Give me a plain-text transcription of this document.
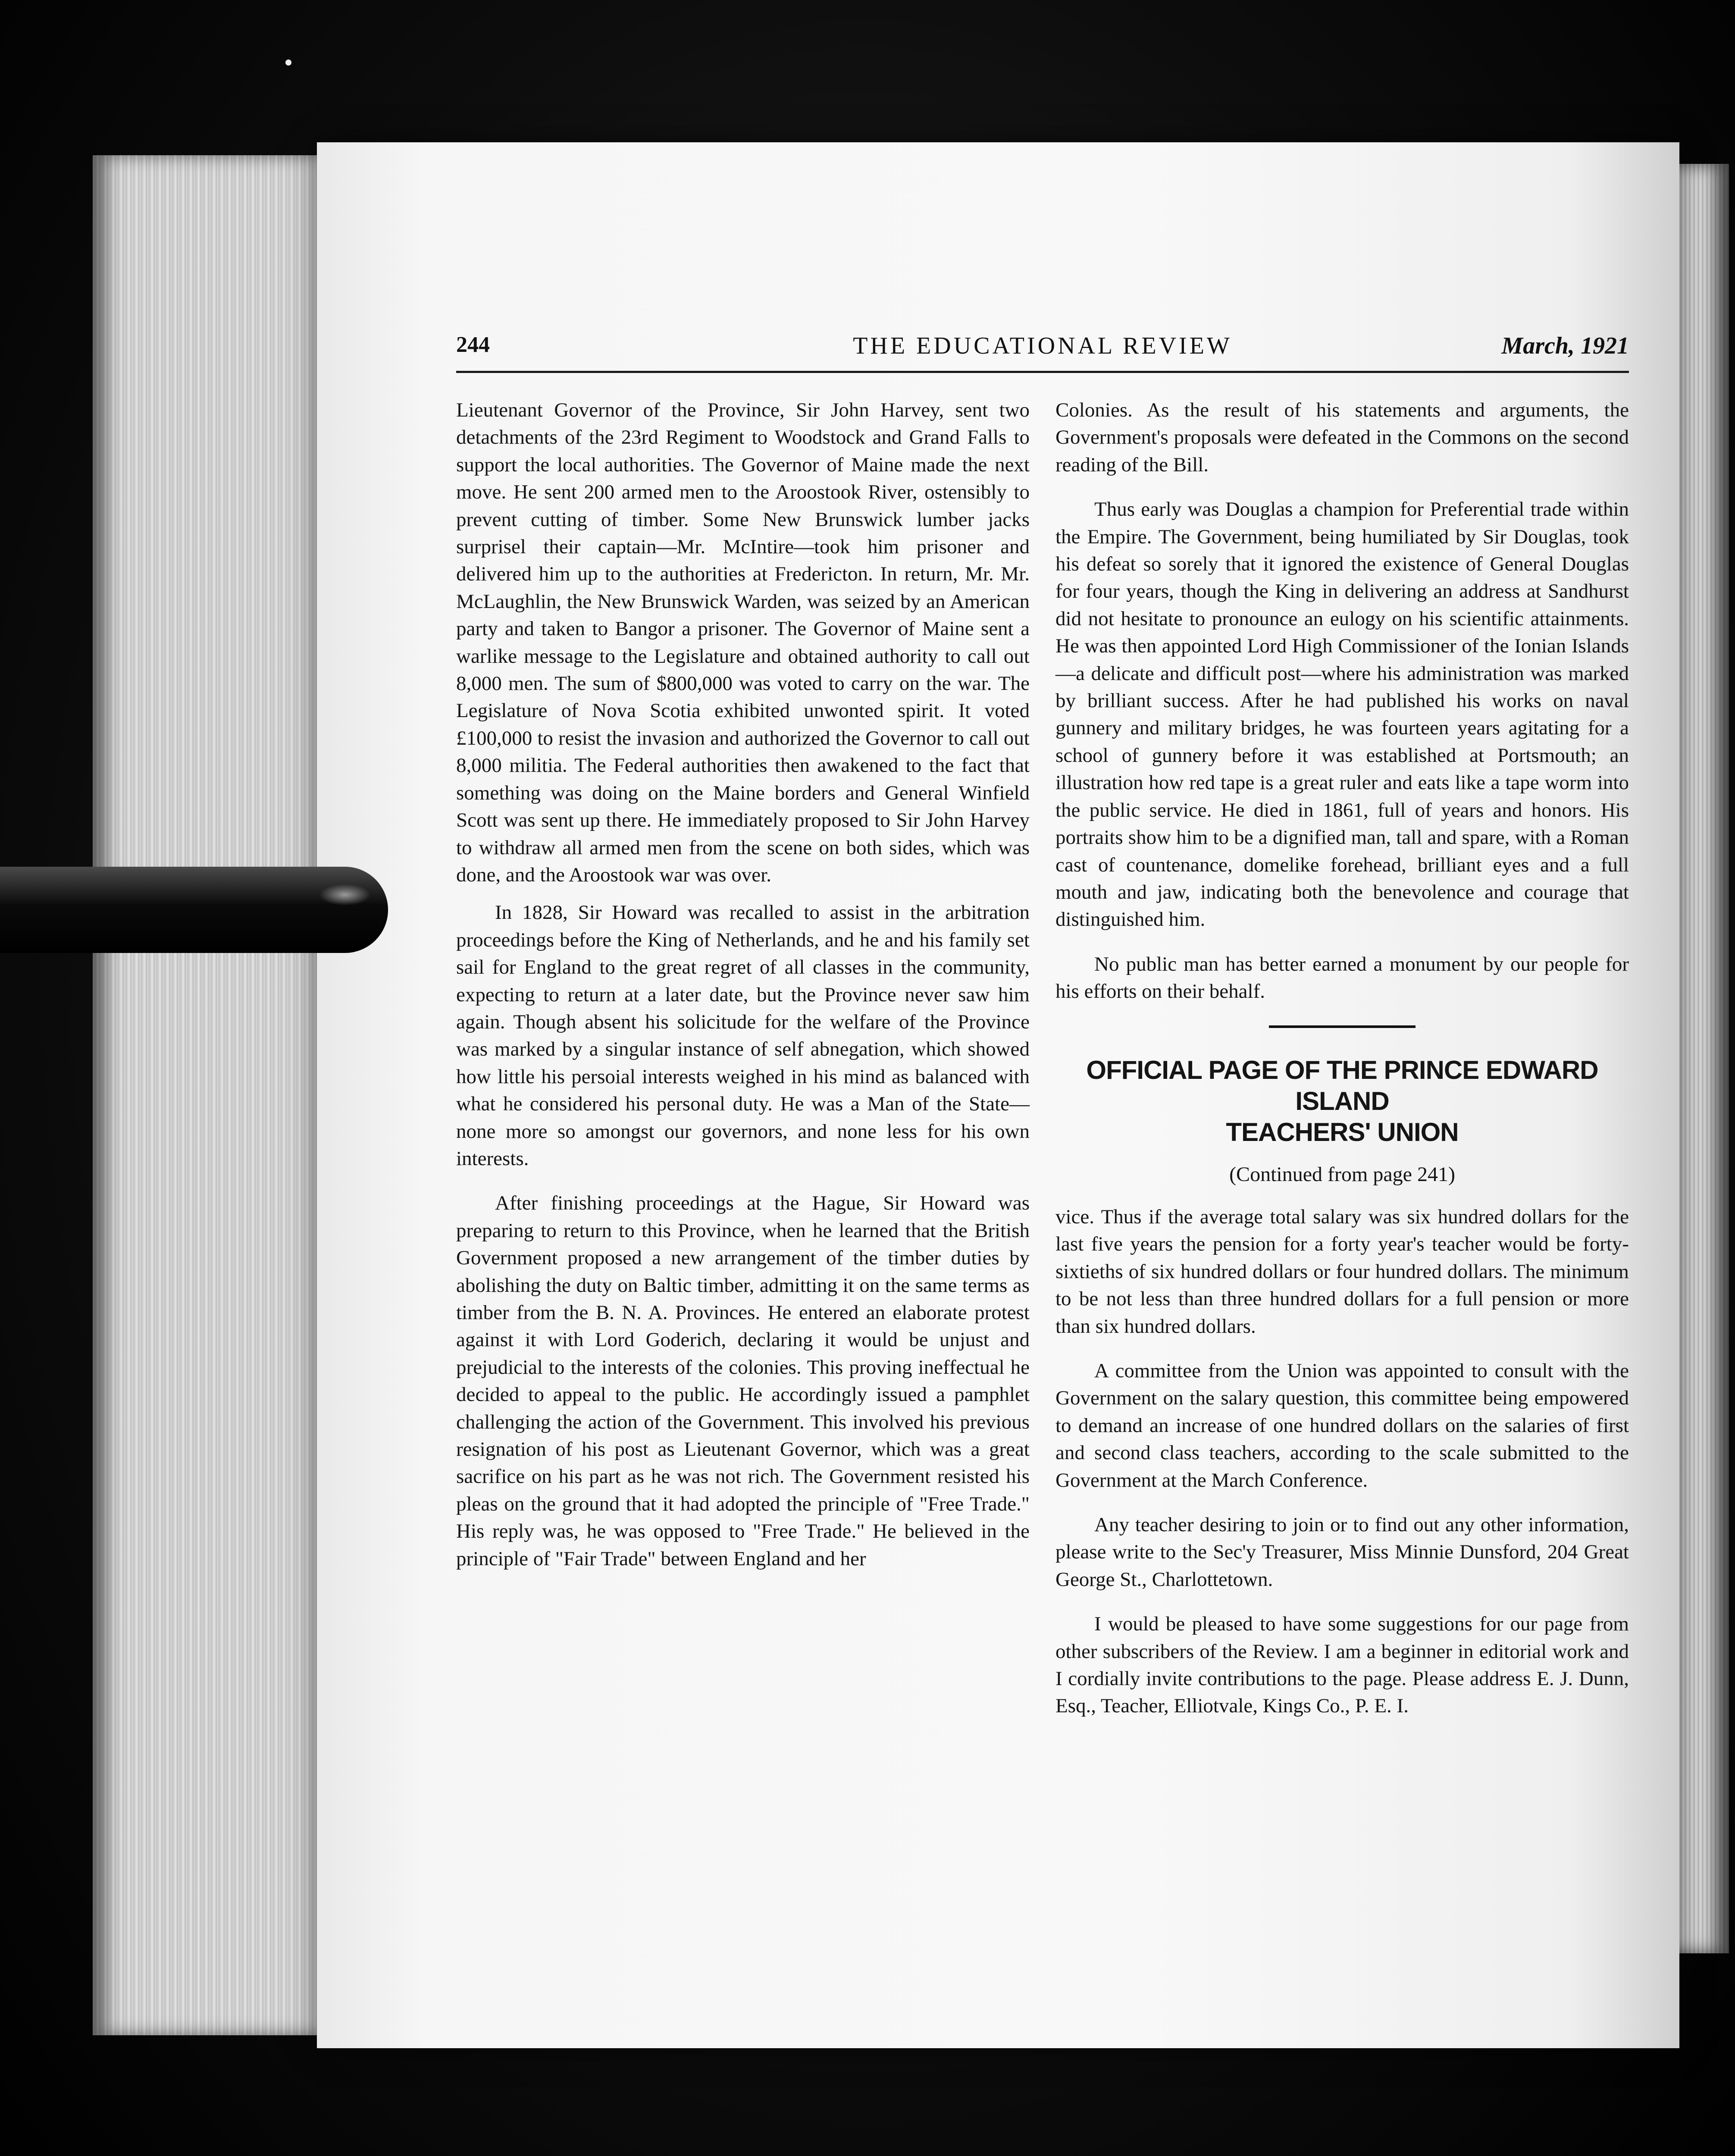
244	THE EDUCATIONAL REVIEW	March, 1921

Lieutenant Governor of the Province, Sir John Harvey, sent two detachments of the 23rd Regiment to Woodstock and Grand Falls to support the local authorities. The Governor of Maine made the next move. He sent 200 armed men to the Aroostook River, ostensibly to prevent cutting of timber. Some New Brunswick lumber jacks surprisel their captain—Mr. McIntire—took him prisoner and delivered him up to the authorities at Fredericton. In return, Mr. Mr. McLaughlin, the New Brunswick Warden, was seized by an American party and taken to Bangor a prisoner. The Governor of Maine sent a warlike message to the Legislature and obtained authority to call out 8,000 men. The sum of $800,000 was voted to carry on the war. The Legislature of Nova Scotia exhibited unwonted spirit. It voted £100,000 to resist the invasion and authorized the Governor to call out 8,000 militia. The Federal authorities then awakened to the fact that something was doing on the Maine borders and General Winfield Scott was sent up there. He immediately proposed to Sir John Harvey to withdraw all armed men from the scene on both sides, which was done, and the Aroostook war was over.

In 1828, Sir Howard was recalled to assist in the arbitration proceedings before the King of Netherlands, and he and his family set sail for England to the great regret of all classes in the community, expecting to return at a later date, but the Province never saw him again. Though absent his solicitude for the welfare of the Province was marked by a singular instance of self abnegation, which showed how little his persoial interests weighed in his mind as balanced with what he considered his personal duty. He was a Man of the State—none more so amongst our governors, and none less for his own interests.

After finishing proceedings at the Hague, Sir Howard was preparing to return to this Province, when he learned that the British Government proposed a new arrangement of the timber duties by abolishing the duty on Baltic timber, admitting it on the same terms as timber from the B. N. A. Provinces. He entered an elaborate protest against it with Lord Goderich, declaring it would be unjust and prejudicial to the interests of the colonies. This proving ineffectual he decided to appeal to the public. He accordingly issued a pamphlet challenging the action of the Government. This involved his previous resignation of his post as Lieutenant Governor, which was a great sacrifice on his part as he was not rich. The Government resisted his pleas on the ground that it had adopted the principle of "Free Trade." His reply was, he was opposed to "Free Trade." He believed in the principle of "Fair Trade" between England and her

Colonies. As the result of his statements and arguments, the Government's proposals were defeated in the Commons on the second reading of the Bill.

Thus early was Douglas a champion for Preferential trade within the Empire. The Government, being humiliated by Sir Douglas, took his defeat so sorely that it ignored the existence of General Douglas for four years, though the King in delivering an address at Sandhurst did not hesitate to pronounce an eulogy on his scientific attainments. He was then appointed Lord High Commissioner of the Ionian Islands—a delicate and difficult post—where his administration was marked by brilliant success. After he had published his works on naval gunnery and military bridges, he was fourteen years agitating for a school of gunnery before it was established at Portsmouth; an illustration how red tape is a great ruler and eats like a tape worm into the public service. He died in 1861, full of years and honors. His portraits show him to be a dignified man, tall and spare, with a Roman cast of countenance, domelike forehead, brilliant eyes and a full mouth and jaw, indicating both the benevolence and courage that distinguished him.

No public man has better earned a monument by our people for his efforts on their behalf.

OFFICIAL PAGE OF THE PRINCE EDWARD ISLAND
TEACHERS' UNION
(Continued from page 241)

vice. Thus if the average total salary was six hundred dollars for the last five years the pension for a forty year's teacher would be forty-sixtieths of six hundred dollars or four hundred dollars. The minimum to be not less than three hundred dollars for a full pension or more than six hundred dollars.

A committee from the Union was appointed to consult with the Government on the salary question, this committee being empowered to demand an increase of one hundred dollars on the salaries of first and second class teachers, according to the scale submitted to the Government at the March Conference.

Any teacher desiring to join or to find out any other information, please write to the Sec'y Treasurer, Miss Minnie Dunsford, 204 Great George St., Charlottetown.

I would be pleased to have some suggestions for our page from other subscribers of the Review. I am a beginner in editorial work and I cordially invite contributions to the page. Please address E. J. Dunn, Esq., Teacher, Elliotvale, Kings Co., P. E. I.
